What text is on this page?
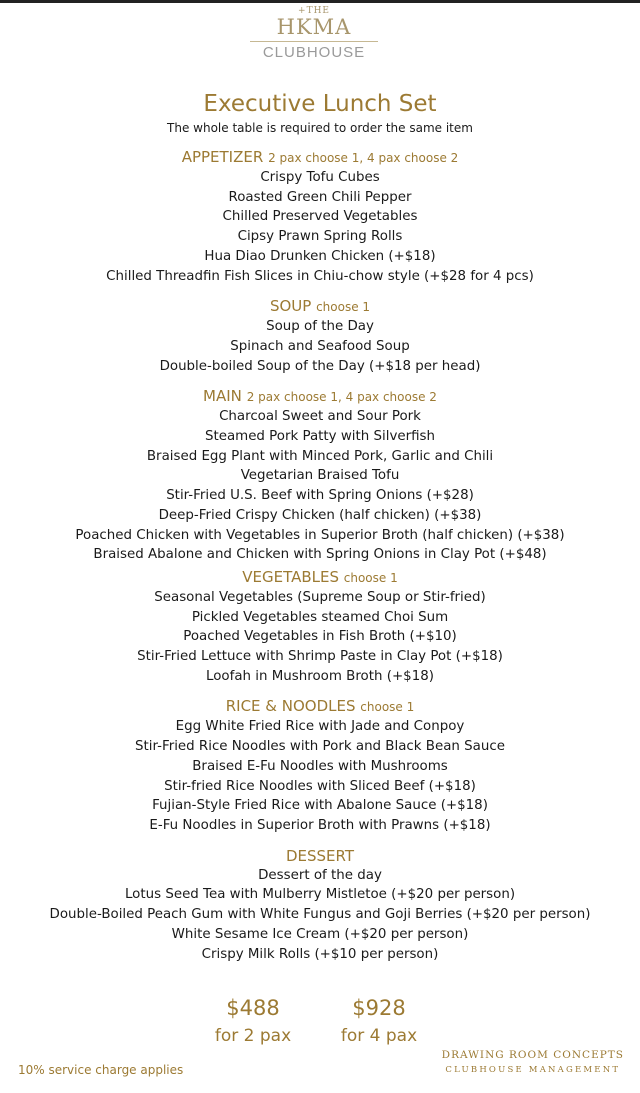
+THE
HKMA
CLUBHOUSE
Executive Lunch Set
The whole table is required to order the same item
APPETIZER 2 pax choose 1, 4 pax choose 2
Crispy Tofu Cubes
Roasted Green Chili Pepper
Chilled Preserved Vegetables
Cipsy Prawn Spring Rolls
Hua Diao Drunken Chicken (+$18)
Chilled Threadfin Fish Slices in Chiu-chow style (+$28 for 4 pcs)
SOUP choose 1
Soup of the Day
Spinach and Seafood Soup
Double-boiled Soup of the Day (+$18 per head)
MAIN 2 pax choose 1, 4 pax choose 2
Charcoal Sweet and Sour Pork
Steamed Pork Patty with Silverfish
Braised Egg Plant with Minced Pork, Garlic and Chili
Vegetarian Braised Tofu
Stir-Fried U.S. Beef with Spring Onions (+$28)
Deep-Fried Crispy Chicken (half chicken) (+$38)
Poached Chicken with Vegetables in Superior Broth (half chicken) (+$38)
Braised Abalone and Chicken with Spring Onions in Clay Pot (+$48)
VEGETABLES choose 1
Seasonal Vegetables (Supreme Soup or Stir-fried)
Pickled Vegetables steamed Choi Sum
Poached Vegetables in Fish Broth (+$10)
Stir-Fried Lettuce with Shrimp Paste in Clay Pot (+$18)
Loofah in Mushroom Broth (+$18)
RICE & NOODLES choose 1
Egg White Fried Rice with Jade and Conpoy
Stir-Fried Rice Noodles with Pork and Black Bean Sauce
Braised E-Fu Noodles with Mushrooms
Stir-fried Rice Noodles with Sliced Beef (+$18)
Fujian-Style Fried Rice with Abalone Sauce (+$18)
E-Fu Noodles in Superior Broth with Prawns (+$18)
DESSERT
Dessert of the day
Lotus Seed Tea with Mulberry Mistletoe (+$20 per person)
Double-Boiled Peach Gum with White Fungus and Goji Berries (+$20 per person)
White Sesame Ice Cream (+$20 per person)
Crispy Milk Rolls (+$10 per person)
$488
for 2 pax
$928
for 4 pax
10% service charge applies
DRAWING ROOM CONCEPTS
CLUBHOUSE MANAGEMENT
